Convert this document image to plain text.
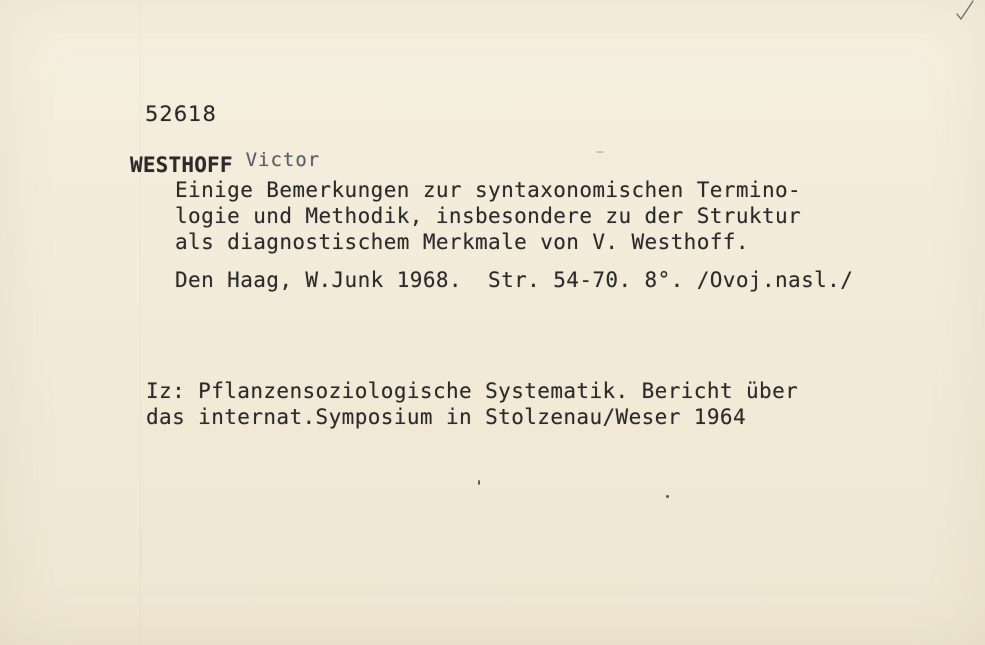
52618
WESTHOFF Victor
Einige Bemerkungen zur syntaxonomischen Termino-
logie und Methodik, insbesondere zu der Struktur
als diagnostischem Merkmale von V. Westhoff.
Den Haag, W.Junk 1968.  Str. 54-70. 8°. /Ovoj.nasl./
Iz: Pflanzensoziologische Systematik. Bericht über
das internat.Symposium in Stolzenau/Weser 1964
